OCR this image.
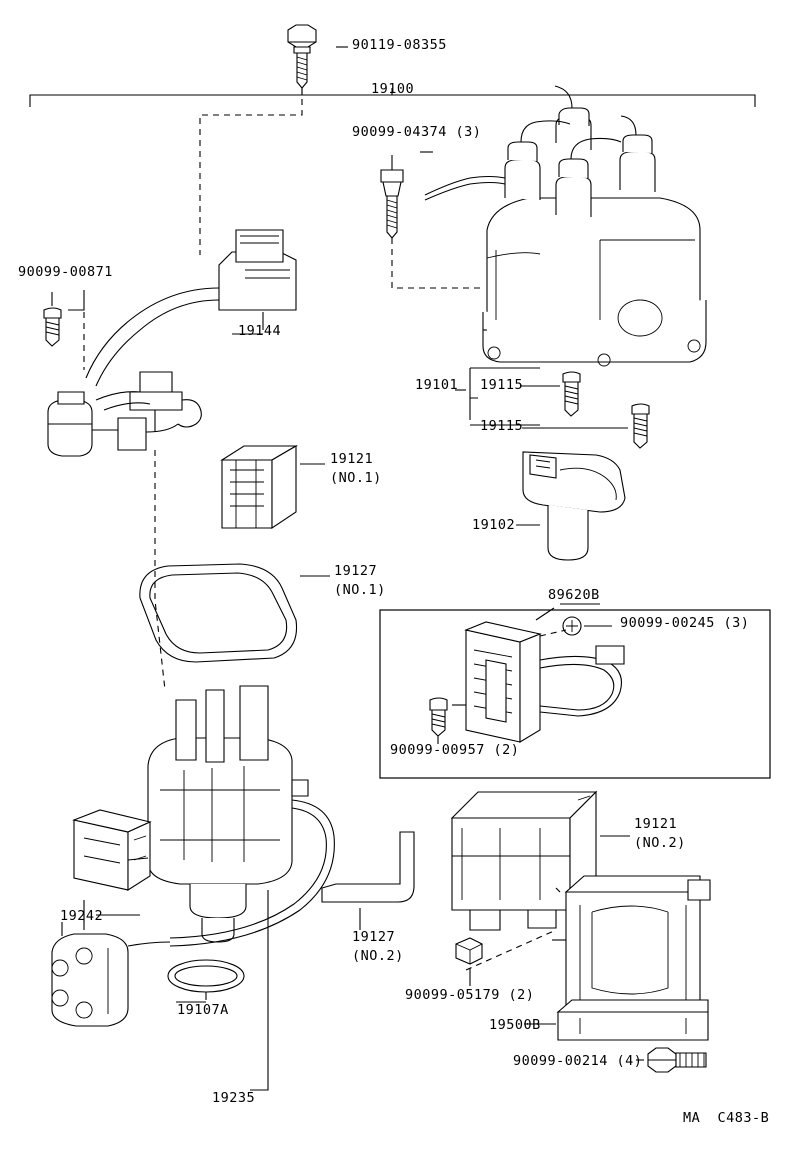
90119-08355
19100
90099-04374 (3)
90099-00871
19144
19101 19115
19115
19102
19121
(NO.1)
19127
(NO.1)	89620B
90099-00245 (3)
90099-00957 (2)
19242
19127
(NO.2)
19121
(NO.2)
90099-05179 (2)
19500B
90099-00214 (4)
19107A
19235
MA  C483-B
